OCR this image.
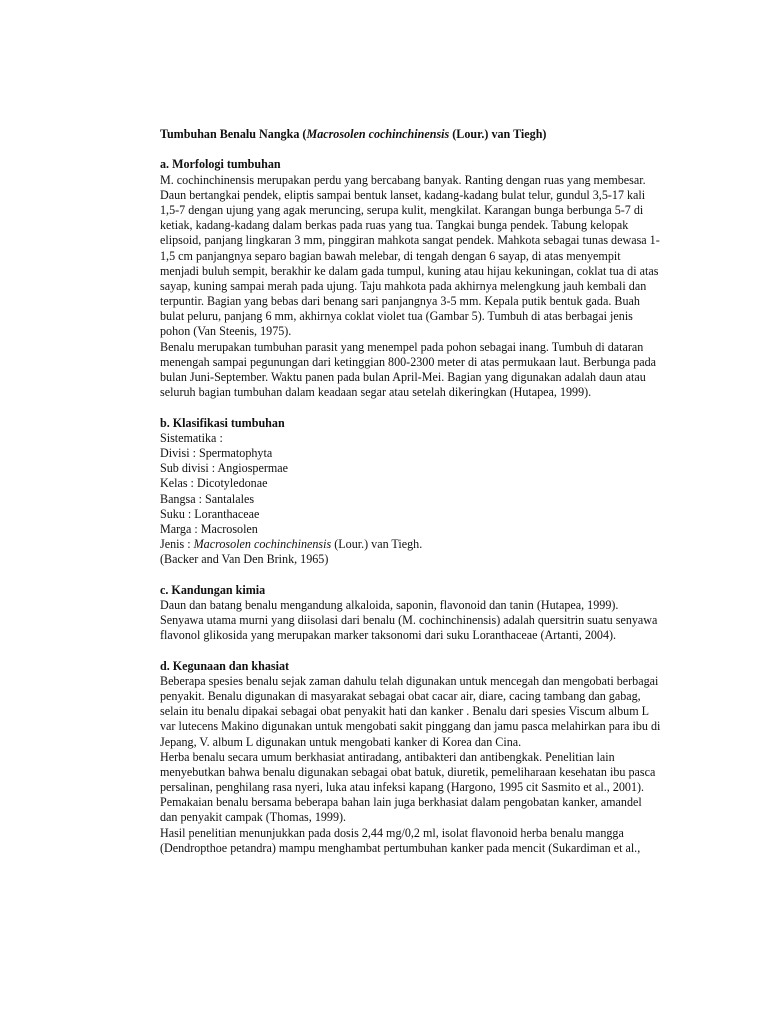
Tumbuhan Benalu Nangka (Macrosolen cochinchinensis (Lour.) van Tiegh)
a. Morfologi tumbuhan
M. cochinchinensis merupakan perdu yang bercabang banyak. Ranting dengan ruas yang membesar.
Daun bertangkai pendek, eliptis sampai bentuk lanset, kadang-kadang bulat telur, gundul 3,5-17 kali
1,5-7 dengan ujung yang agak meruncing, serupa kulit, mengkilat. Karangan bunga berbunga 5-7 di
ketiak, kadang-kadang dalam berkas pada ruas yang tua. Tangkai bunga pendek. Tabung kelopak
elipsoid, panjang lingkaran 3 mm, pinggiran mahkota sangat pendek. Mahkota sebagai tunas dewasa 1-
1,5 cm panjangnya separo bagian bawah melebar, di tengah dengan 6 sayap, di atas menyempit
menjadi buluh sempit, berakhir ke dalam gada tumpul, kuning atau hijau kekuningan, coklat tua di atas
sayap, kuning sampai merah pada ujung. Taju mahkota pada akhirnya melengkung jauh kembali dan
terpuntir. Bagian yang bebas dari benang sari panjangnya 3-5 mm. Kepala putik bentuk gada. Buah
bulat peluru, panjang 6 mm, akhirnya coklat violet tua (Gambar 5). Tumbuh di atas berbagai jenis
pohon (Van Steenis, 1975).
Benalu merupakan tumbuhan parasit yang menempel pada pohon sebagai inang. Tumbuh di dataran
menengah sampai pegunungan dari ketinggian 800-2300 meter di atas permukaan laut. Berbunga pada
bulan Juni-September. Waktu panen pada bulan April-Mei. Bagian yang digunakan adalah daun atau
seluruh bagian tumbuhan dalam keadaan segar atau setelah dikeringkan (Hutapea, 1999).
b. Klasifikasi tumbuhan
Sistematika :
Divisi : Spermatophyta
Sub divisi : Angiospermae
Kelas : Dicotyledonae
Bangsa : Santalales
Suku : Loranthaceae
Marga : Macrosolen
Jenis : Macrosolen cochinchinensis (Lour.) van Tiegh.
(Backer and Van Den Brink, 1965)
c. Kandungan kimia
Daun dan batang benalu mengandung alkaloida, saponin, flavonoid dan tanin (Hutapea, 1999).
Senyawa utama murni yang diisolasi dari benalu (M. cochinchinensis) adalah quersitrin suatu senyawa
flavonol glikosida yang merupakan marker taksonomi dari suku Loranthaceae (Artanti, 2004).
d. Kegunaan dan khasiat
Beberapa spesies benalu sejak zaman dahulu telah digunakan untuk mencegah dan mengobati berbagai
penyakit. Benalu digunakan di masyarakat sebagai obat cacar air, diare, cacing tambang dan gabag,
selain itu benalu dipakai sebagai obat penyakit hati dan kanker . Benalu dari spesies Viscum album L
var lutecens Makino digunakan untuk mengobati sakit pinggang dan jamu pasca melahirkan para ibu di
Jepang, V. album L digunakan untuk mengobati kanker di Korea dan Cina.
Herba benalu secara umum berkhasiat antiradang, antibakteri dan antibengkak. Penelitian lain
menyebutkan bahwa benalu digunakan sebagai obat batuk, diuretik, pemeliharaan kesehatan ibu pasca
persalinan, penghilang rasa nyeri, luka atau infeksi kapang (Hargono, 1995 cit Sasmito et al., 2001).
Pemakaian benalu bersama beberapa bahan lain juga berkhasiat dalam pengobatan kanker, amandel
dan penyakit campak (Thomas, 1999).
Hasil penelitian menunjukkan pada dosis 2,44 mg/0,2 ml, isolat flavonoid herba benalu mangga
(Dendropthoe petandra) mampu menghambat pertumbuhan kanker pada mencit (Sukardiman et al.,
